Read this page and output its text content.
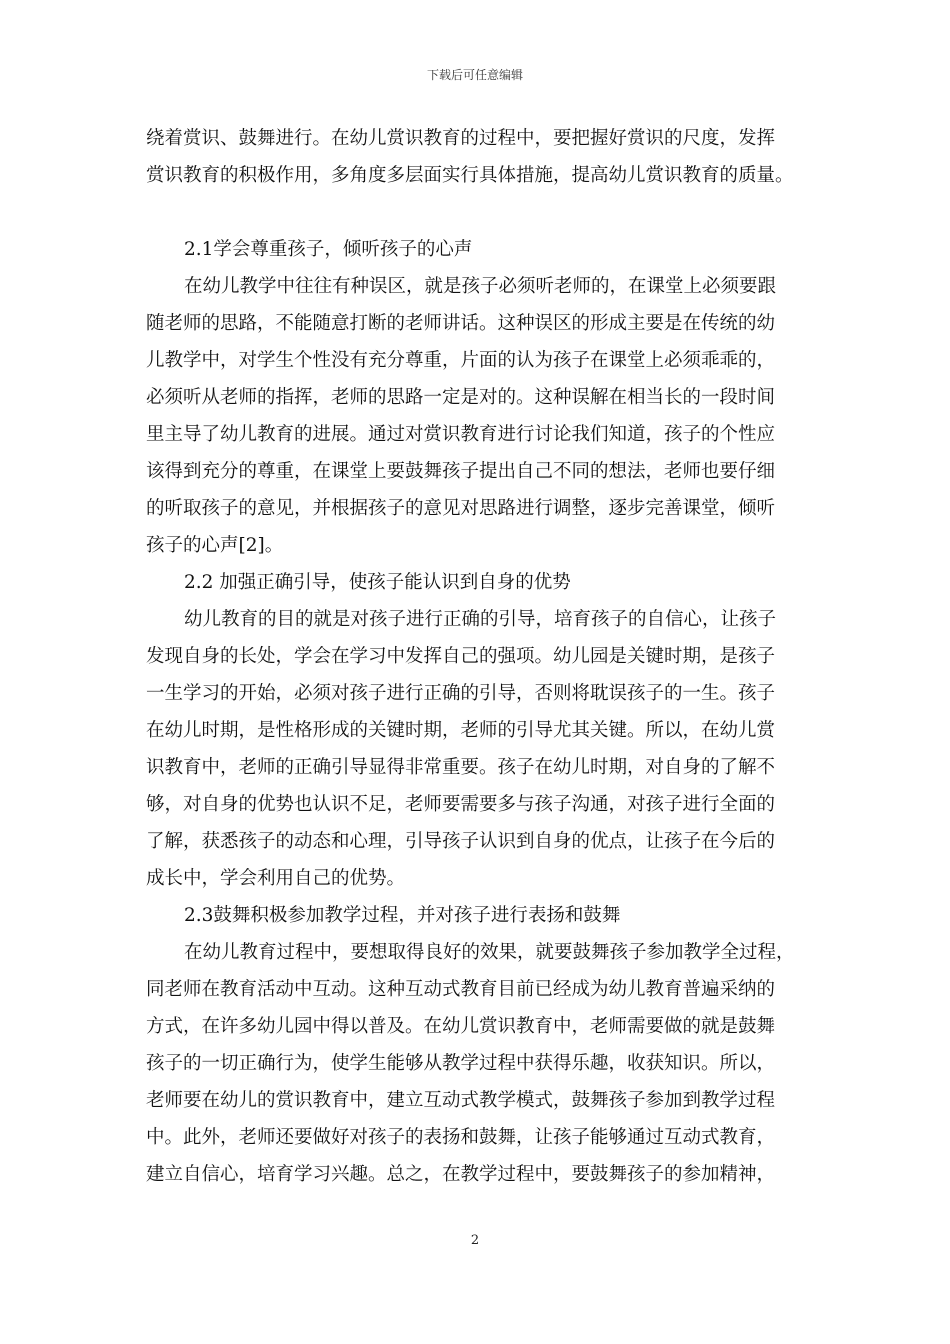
下载后可任意编辑
绕着赏识、鼓舞进行。在幼儿赏识教育的过程中，要把握好赏识的尺度，发挥
赏识教育的积极作用，多角度多层面实行具体措施，提高幼儿赏识教育的质量。
2.1学会尊重孩子，倾听孩子的心声
在幼儿教学中往往有种误区，就是孩子必须听老师的，在课堂上必须要跟
随老师的思路，不能随意打断的老师讲话。这种误区的形成主要是在传统的幼
儿教学中，对学生个性没有充分尊重，片面的认为孩子在课堂上必须乖乖的，
必须听从老师的指挥，老师的思路一定是对的。这种误解在相当长的一段时间
里主导了幼儿教育的进展。通过对赏识教育进行讨论我们知道，孩子的个性应
该得到充分的尊重，在课堂上要鼓舞孩子提出自己不同的想法，老师也要仔细
的听取孩子的意见，并根据孩子的意见对思路进行调整，逐步完善课堂，倾听
孩子的心声[2]。
2.2 加强正确引导，使孩子能认识到自身的优势
幼儿教育的目的就是对孩子进行正确的引导，培育孩子的自信心，让孩子
发现自身的长处，学会在学习中发挥自己的强项。幼儿园是关键时期，是孩子
一生学习的开始，必须对孩子进行正确的引导，否则将耽误孩子的一生。孩子
在幼儿时期，是性格形成的关键时期，老师的引导尤其关键。所以，在幼儿赏
识教育中，老师的正确引导显得非常重要。孩子在幼儿时期，对自身的了解不
够，对自身的优势也认识不足，老师要需要多与孩子沟通，对孩子进行全面的
了解，获悉孩子的动态和心理，引导孩子认识到自身的优点，让孩子在今后的
成长中，学会利用自己的优势。
2.3鼓舞积极参加教学过程，并对孩子进行表扬和鼓舞
在幼儿教育过程中，要想取得良好的效果，就要鼓舞孩子参加教学全过程，
同老师在教育活动中互动。这种互动式教育目前已经成为幼儿教育普遍采纳的
方式，在许多幼儿园中得以普及。在幼儿赏识教育中，老师需要做的就是鼓舞
孩子的一切正确行为，使学生能够从教学过程中获得乐趣，收获知识。所以，
老师要在幼儿的赏识教育中，建立互动式教学模式，鼓舞孩子参加到教学过程
中。此外，老师还要做好对孩子的表扬和鼓舞，让孩子能够通过互动式教育，
建立自信心，培育学习兴趣。总之，在教学过程中，要鼓舞孩子的参加精神，
2
